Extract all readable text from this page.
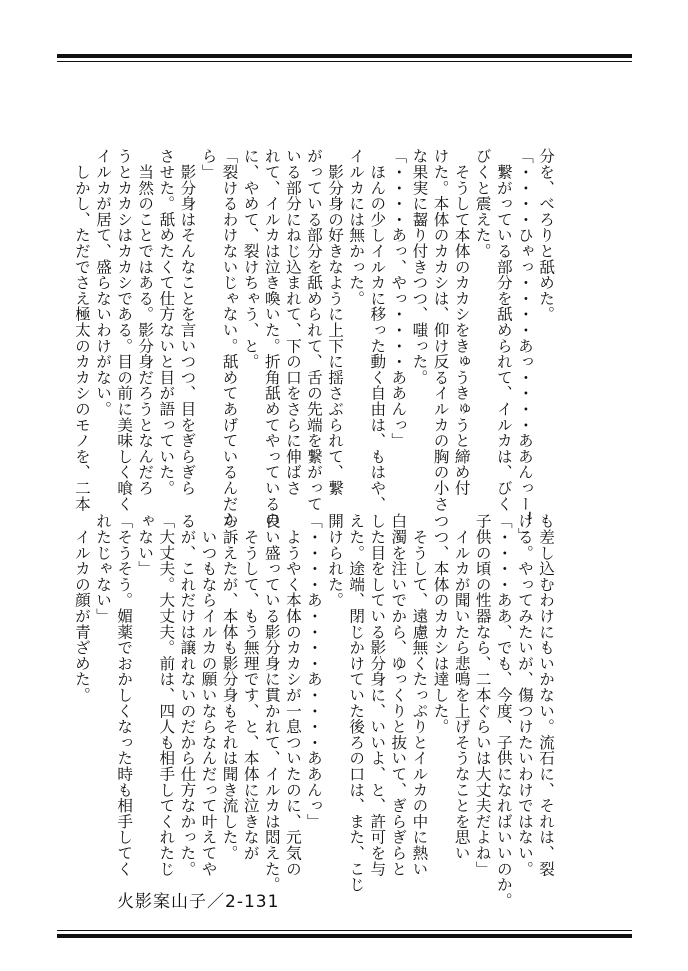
分を、べろりと舐めた。

「・・・・ひゃっ・・・・あっ・・・・ああんっー！」

　繋がっている部分を舐められて、イルカは、びく

びくと震えた。

　そうして本体のカカシをきゅうきゅうと締め付

けた。本体のカカシは、仰け反るイルカの胸の小さ

な果実に齧り付きつつ、嗤った。

「・・・・あっ、やっ・・・・ああんっ」

　ほんの少しイルカに移った動く自由は、もはや、

イルカには無かった。

　影分身の好きなように上下に揺さぶられて、繋

がっている部分を舐められて、舌の先端を繋がって

いる部分にねじ込まれて、下の口をさらに伸ばさ

れて、イルカは泣き喚いた。折角舐めてやっているの

に、やめて、裂けちゃう、と。

「裂けるわけないじゃない。舐めてあげているんだか

ら」

　影分身はそんなことを言いつつ、目をぎらぎら

させた。舐めたくて仕方ないと目が語っていた。

　当然のことではある。影分身だろうとなんだろ

うとカカシはカカシである。目の前に美味しく喰く

イルカが居て、盛らないわけがない。

　しかし、ただでさえ極太のカカシのモノを、二本

も差し込むわけにもいかない。流石に、それは、裂

ける。やってみたいが、傷つけたいわけではない。

「・・・・ああ、でも、今度、子供になればいいのか。

子供の頃の性器なら、二本ぐらいは大丈夫だよね」

　イルカが聞いたら悲鳴を上げそうなことを思い

つつ、本体のカカシは達した。

　そうして、遠慮無くたっぷりとイルカの中に熱い

白濁を注いでから、ゆっくりと抜いて、ぎらぎらと

した目をしている影分身に、いいよ、と、許可を与

えた。途端、閉じかけていた後ろの口は、また、こじ

開けられた。

「・・・・あ・・・・あ・・・・ああんっ」

　ようやく本体のカカシが一息ついたのに、元気の

良い盛っている影分身に貫かれて、イルカは悶えた。

　そうして、もう無理です、と、本体に泣きなが

ら訴えたが、本体も影分身もそれは聞き流した。

　いつもならイルカの願いならなんだって叶えてや

るが、これだけは譲れないのだから仕方なかった。

「大丈夫。大丈夫。前は、四人も相手してくれたじ

ゃない」

「そうそう。媚薬でおかしくなった時も相手してく

れたじゃない」

　イルカの顔が青ざめた。

火影案山子／2-131
